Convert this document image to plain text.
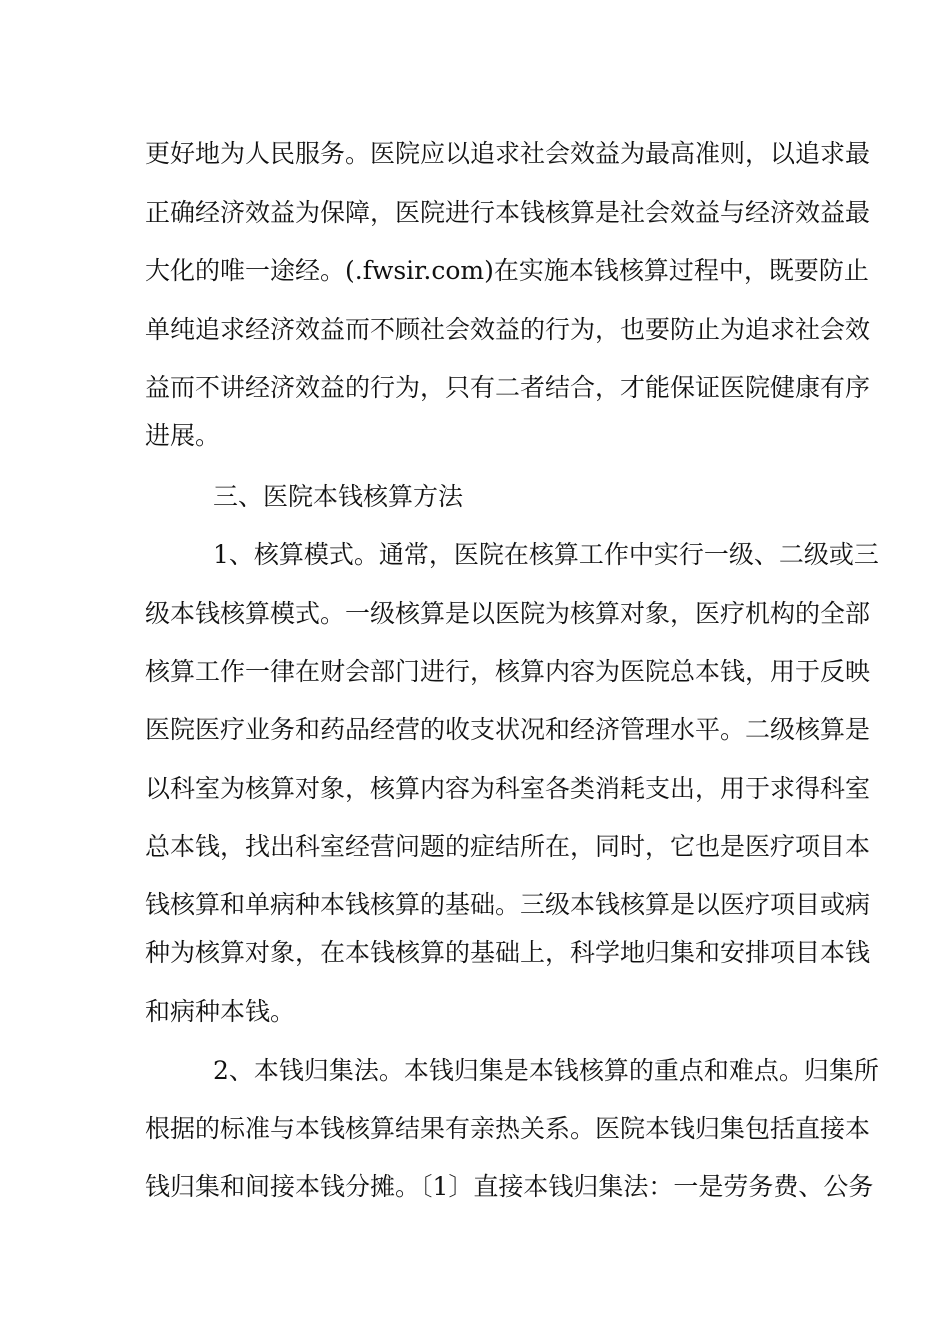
更好地为人民服务。医院应以追求社会效益为最高准则，以追求最

正确经济效益为保障，医院进行本钱核算是社会效益与经济效益最

大化的唯一途经。(.fwsir.com)在实施本钱核算过程中，既要防止

单纯追求经济效益而不顾社会效益的行为，也要防止为追求社会效

益而不讲经济效益的行为，只有二者结合，才能保证医院健康有序

进展。

三、医院本钱核算方法

1、核算模式。通常，医院在核算工作中实行一级、二级或三

级本钱核算模式。一级核算是以医院为核算对象，医疗机构的全部

核算工作一律在财会部门进行，核算内容为医院总本钱，用于反映

医院医疗业务和药品经营的收支状况和经济管理水平。二级核算是

以科室为核算对象，核算内容为科室各类消耗支出，用于求得科室

总本钱，找出科室经营问题的症结所在，同时，它也是医疗项目本

钱核算和单病种本钱核算的基础。三级本钱核算是以医疗项目或病

种为核算对象，在本钱核算的基础上，科学地归集和安排项目本钱

和病种本钱。

2、本钱归集法。本钱归集是本钱核算的重点和难点。归集所

根据的标准与本钱核算结果有亲热关系。医院本钱归集包括直接本

钱归集和间接本钱分摊。〔1〕直接本钱归集法：一是劳务费、公务
